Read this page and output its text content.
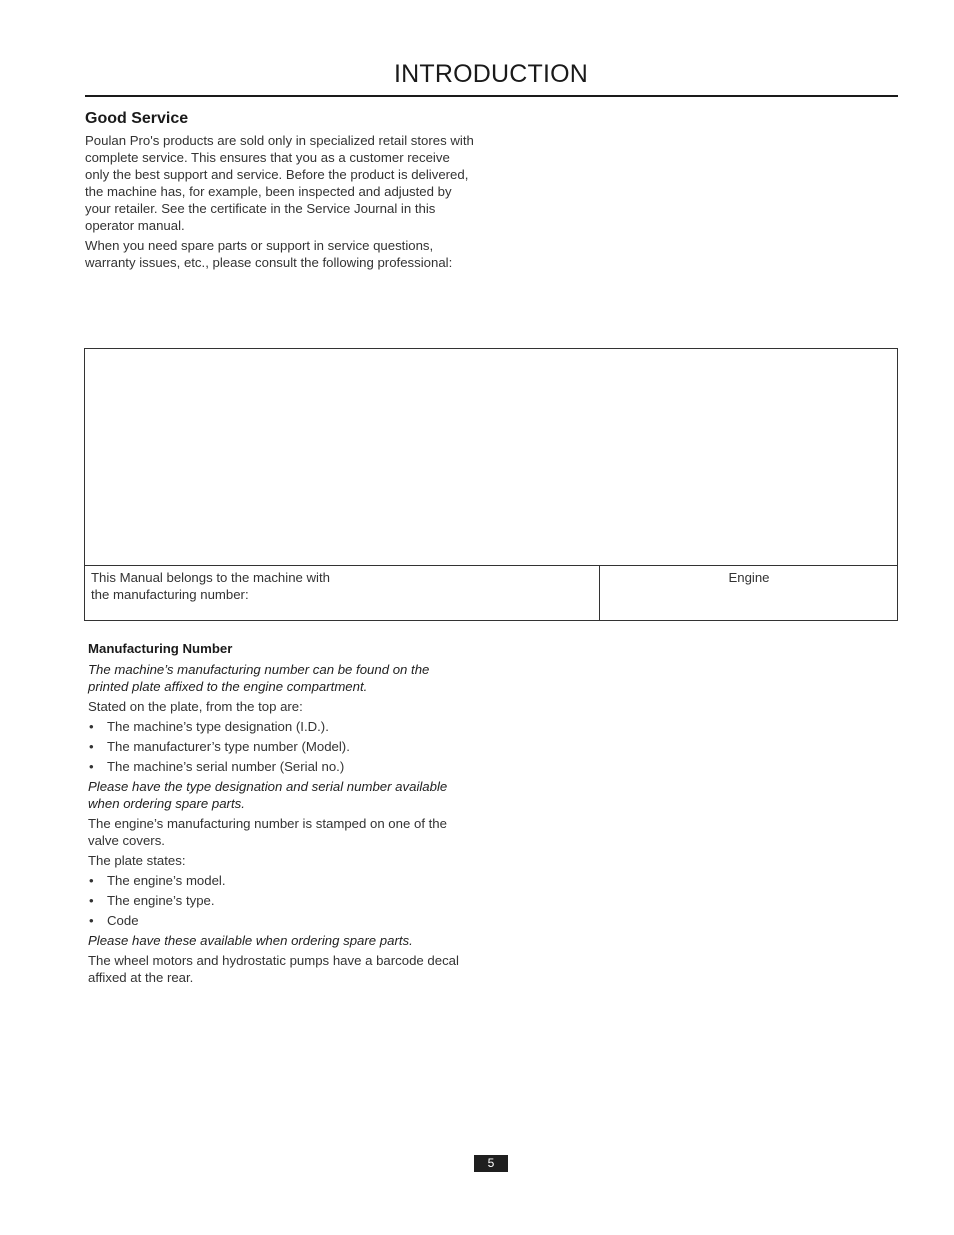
INTRODUCTION
Good Service

Poulan Pro's products are sold only in specialized retail stores with complete service. This ensures that you as a customer receive only the best support and service. Before the product is delivered, the machine has, for example, been inspected and adjusted by your retailer. See the certificate in the Service Journal in this operator manual.

When you need spare parts or support in service questions, warranty issues, etc., please consult the following professional:

This Manual belongs to the machine with
the manufacturing number:
Engine
Manufacturing Number

The machine’s manufacturing number can be found on the printed plate affixed to the engine compartment.

Stated on the plate, from the top are:

• The machine’s type designation (I.D.).
• The manufacturer’s type number (Model).
• The machine’s serial number (Serial no.)

Please have the type designation and serial number available when ordering spare parts.

The engine’s manufacturing number is stamped on one of the valve covers.

The plate states:

• The engine’s model.
• The engine’s type.
• Code

Please have these available when ordering spare parts.

The wheel motors and hydrostatic pumps have a barcode decal affixed at the rear.

5
